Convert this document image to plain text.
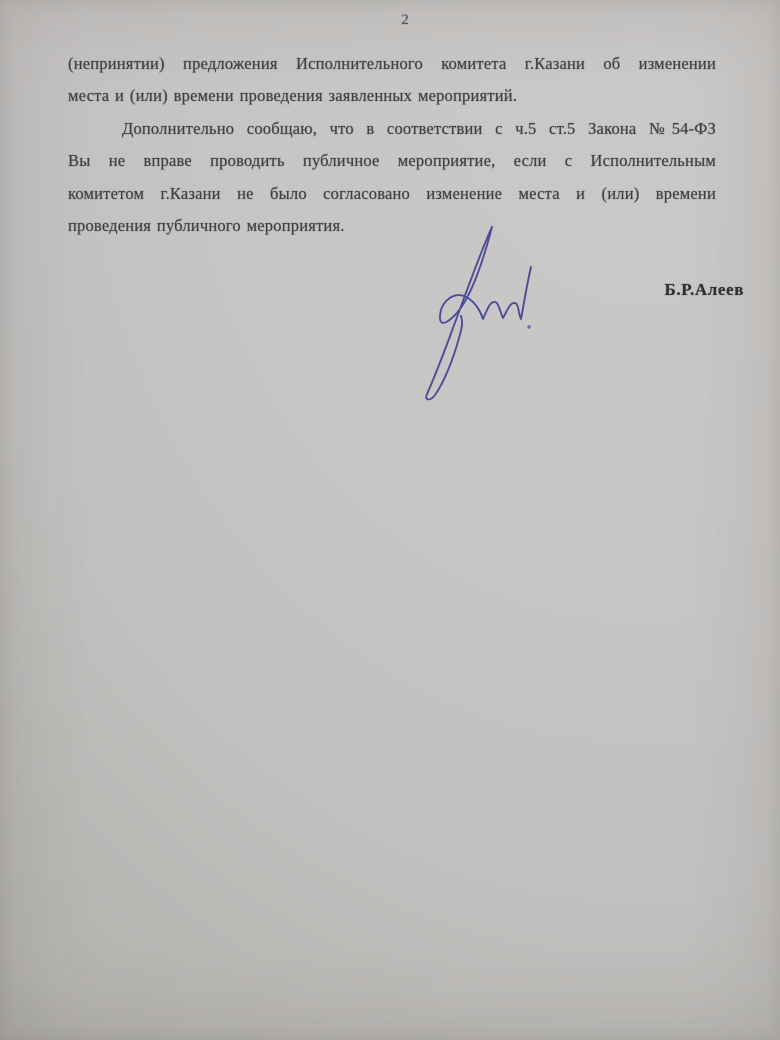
2
(непринятии) предложения Исполнительного комитета г.Казани об изменении
места и (или) времени проведения заявленных мероприятий.
Дополнительно сообщаю, что в соответствии с ч.5 ст.5 Закона №54-ФЗ
Вы не вправе проводить публичное мероприятие, если с Исполнительным
комитетом г.Казани не было согласовано изменение места и (или) времени
проведения публичного мероприятия.
Б.Р.Алеев
